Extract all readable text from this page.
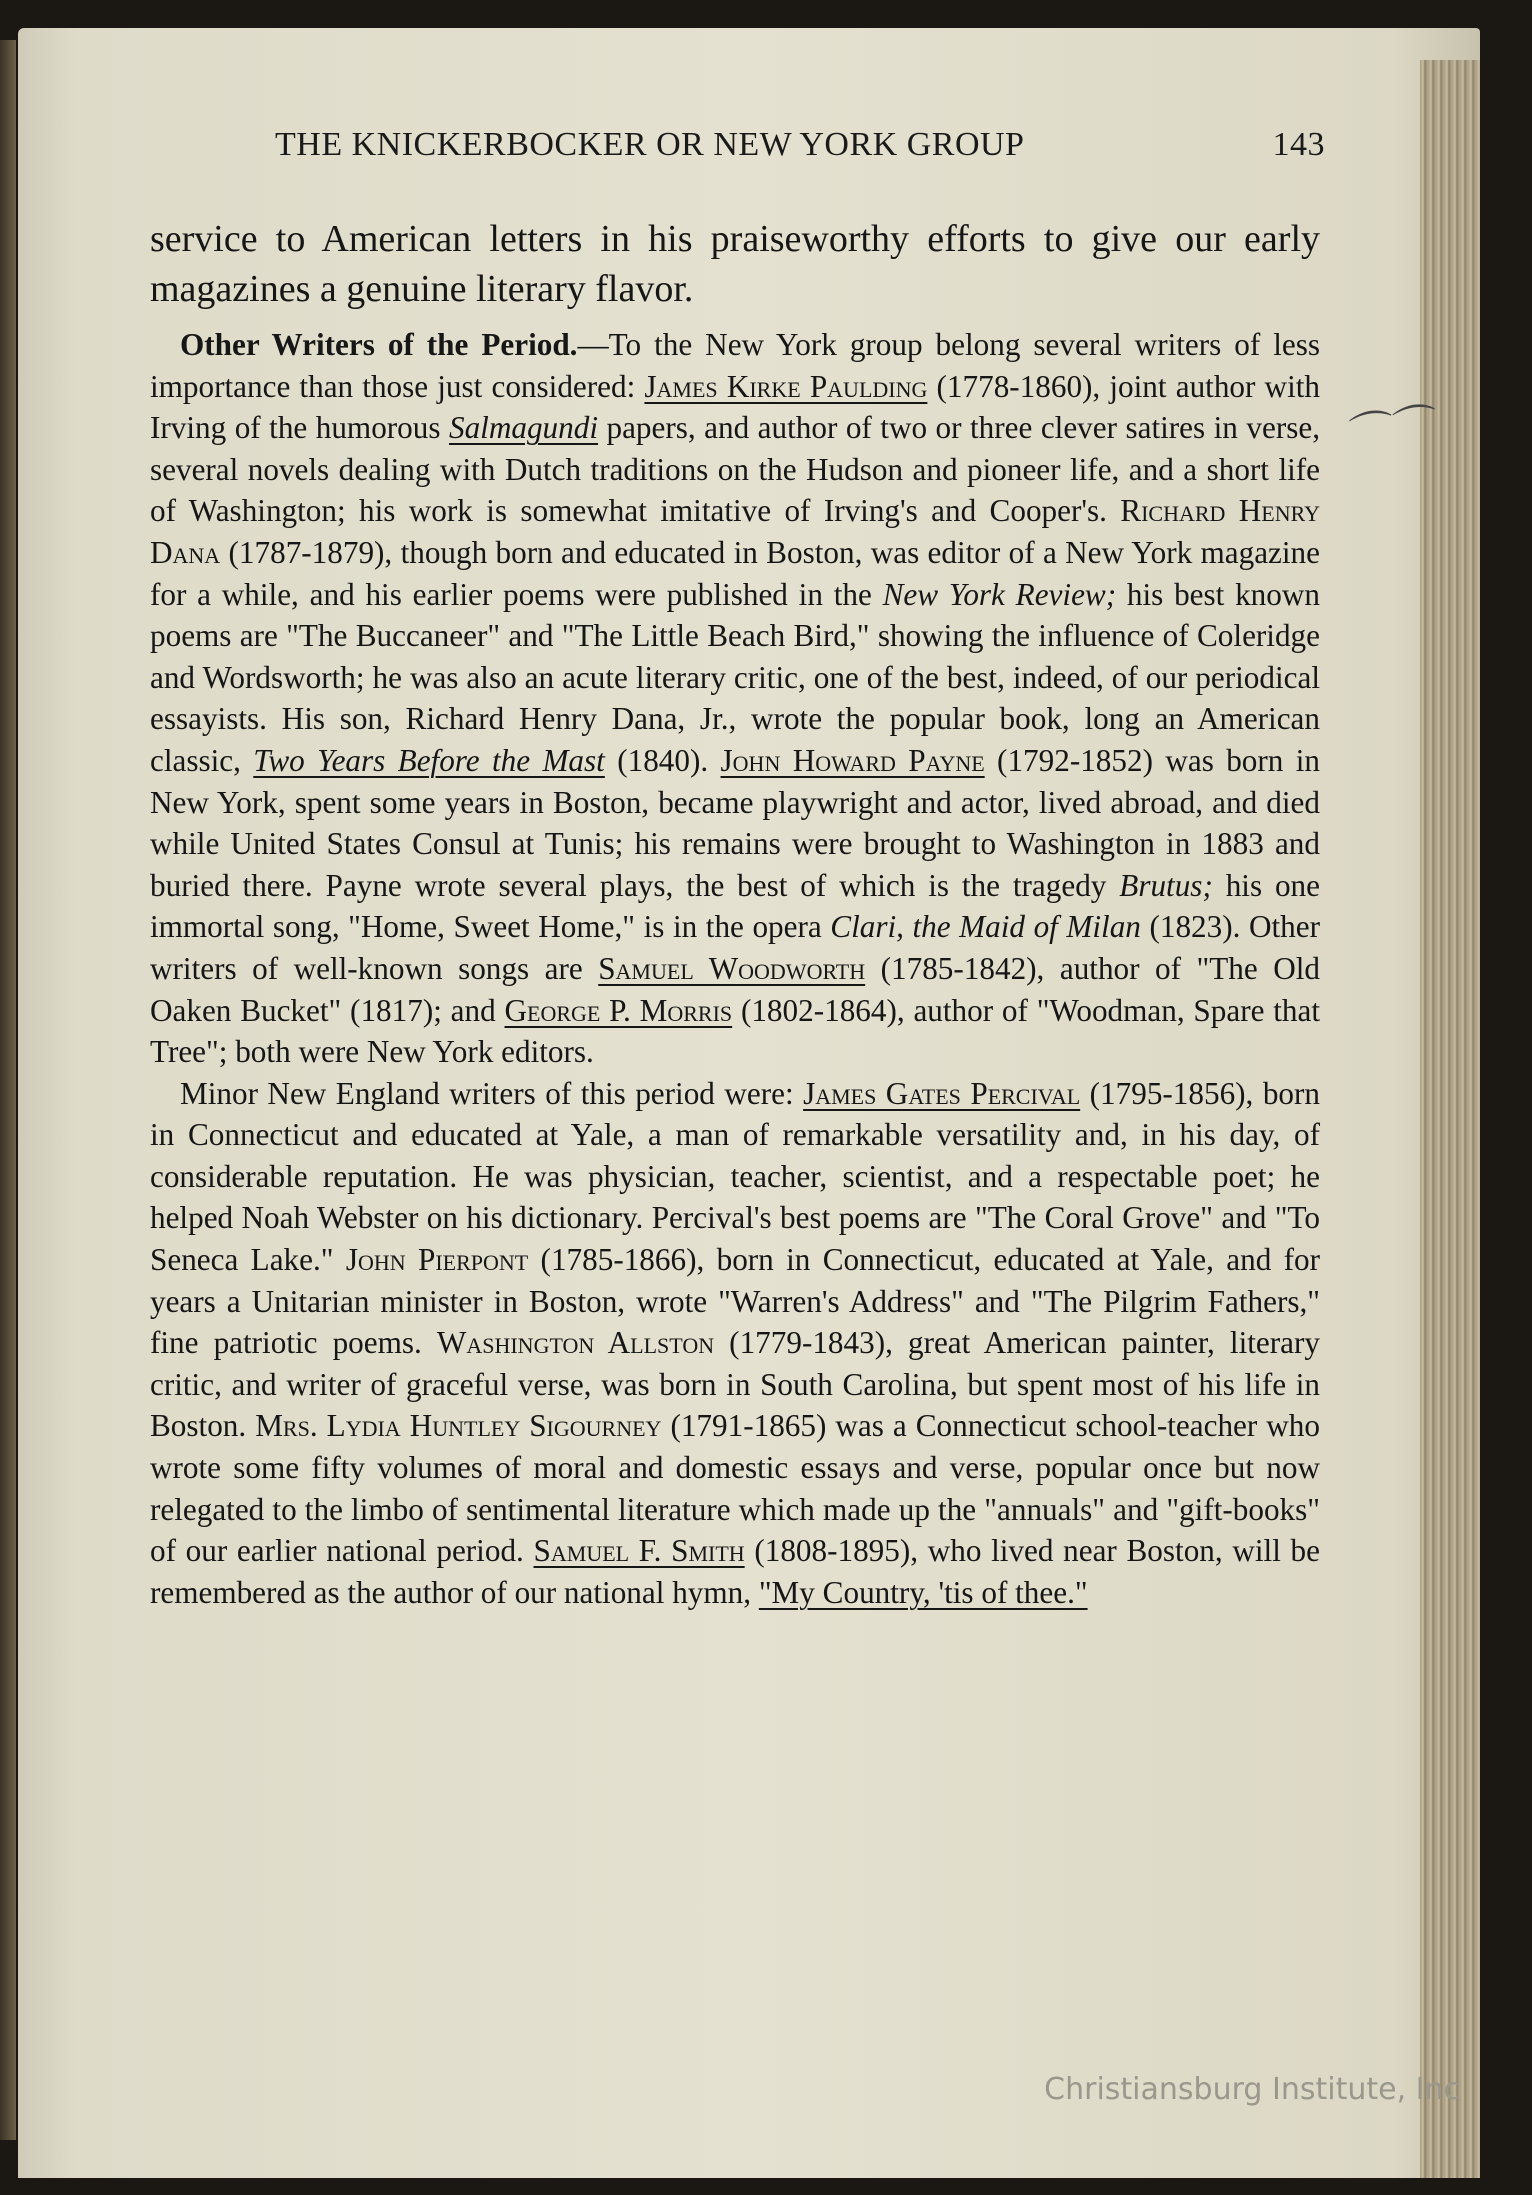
THE KNICKERBOCKER OR NEW YORK GROUP	143
⌒⌒

service to American letters in his praiseworthy efforts to give our early magazines a genuine literary flavor.

Other Writers of the Period.—To the New York group belong several writers of less importance than those just considered: James Kirke Paulding (1778-1860), joint author with Irving of the humorous Salmagundi papers, and author of two or three clever satires in verse, several novels dealing with Dutch traditions on the Hudson and pioneer life, and a short life of Washington; his work is somewhat imitative of Irving's and Cooper's. Richard Henry Dana (1787-1879), though born and educated in Boston, was editor of a New York magazine for a while, and his earlier poems were published in the New York Review; his best known poems are "The Buccaneer" and "The Little Beach Bird," showing the influence of Coleridge and Wordsworth; he was also an acute literary critic, one of the best, indeed, of our periodical essayists. His son, Richard Henry Dana, Jr., wrote the popular book, long an American classic, Two Years Before the Mast (1840). John Howard Payne (1792-1852) was born in New York, spent some years in Boston, became playwright and actor, lived abroad, and died while United States Consul at Tunis; his remains were brought to Washington in 1883 and buried there. Payne wrote several plays, the best of which is the tragedy Brutus; his one immortal song, "Home, Sweet Home," is in the opera Clari, the Maid of Milan (1823). Other writers of well-known songs are Samuel Woodworth (1785-1842), author of "The Old Oaken Bucket" (1817); and George P. Morris (1802-1864), author of "Woodman, Spare that Tree"; both were New York editors.

Minor New England writers of this period were: James Gates Percival (1795-1856), born in Connecticut and educated at Yale, a man of remarkable versatility and, in his day, of considerable reputation. He was physician, teacher, scientist, and a respectable poet; he helped Noah Webster on his dictionary. Percival's best poems are "The Coral Grove" and "To Seneca Lake." John Pierpont (1785-1866), born in Connecticut, educated at Yale, and for years a Unitarian minister in Boston, wrote "Warren's Address" and "The Pilgrim Fathers," fine patriotic poems. Washington Allston (1779-1843), great American painter, literary critic, and writer of graceful verse, was born in South Carolina, but spent most of his life in Boston. Mrs. Lydia Huntley Sigourney (1791-1865) was a Connecticut school-teacher who wrote some fifty volumes of moral and domestic essays and verse, popular once but now relegated to the limbo of sentimental literature which made up the "annuals" and "gift-books" of our earlier national period. Samuel F. Smith (1808-1895), who lived near Boston, will be remembered as the author of our national hymn, "My Country, 'tis of thee."

Christiansburg Institute, Inc
